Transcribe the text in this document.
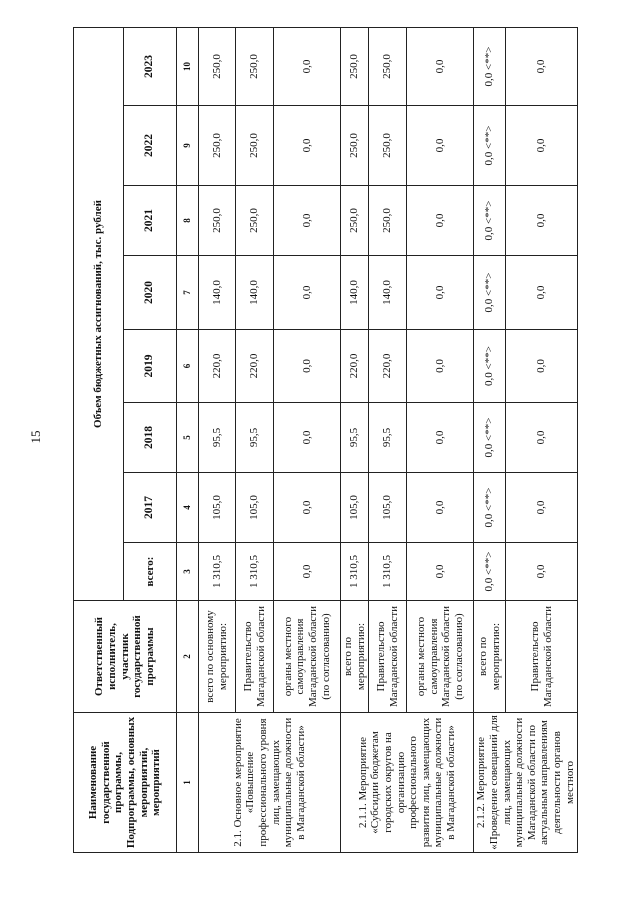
15
Наименование государственной программы, Подпрограммы, основных мероприятий, мероприятий	Ответственный исполнитель, участник государственной программы	Объем бюджетных ассигнований, тыс. рублей							
		всего:	2017	2018	2019	2020	2021	2022	2023
1	2	3	4	5	6	7	8	9	10
2.1. Основное мероприятие «Повышение профессионального уровня лиц, замещающих муниципальные должности в Магаданской области»	всего по основному мероприятию:	1 310,5	105,0	95,5	220,0	140,0	250,0	250,0	250,0
	Правительство Магаданской области	1 310,5	105,0	95,5	220,0	140,0	250,0	250,0	250,0
	органы местного самоуправления Магаданской области (по согласованию)	0,0	0,0	0,0	0,0	0,0	0,0	0,0	0,0
2.1.1. Мероприятие «Субсидии бюджетам городских округов на организацию профессионального развития лиц, замещающих муниципальные должности в Магаданской области»	всего по мероприятию:	1 310,5	105,0	95,5	220,0	140,0	250,0	250,0	250,0
	Правительство Магаданской области	1 310,5	105,0	95,5	220,0	140,0	250,0	250,0	250,0
	органы местного самоуправления Магаданской области (по согласованию)	0,0	0,0	0,0	0,0	0,0	0,0	0,0	0,0
2.1.2. Мероприятие «Проведение совещаний для лиц, замещающих муниципальные должности Магаданской области по актуальным направлениям деятельности органов местного	всего по мероприятию:	0,0 <**>	0,0 <**>	0,0 <**>	0,0 <**>	0,0 <**>	0,0 <**>	0,0 <**>	0,0 <**>
	Правительство Магаданской области	0,0	0,0	0,0	0,0	0,0	0,0	0,0	0,0
